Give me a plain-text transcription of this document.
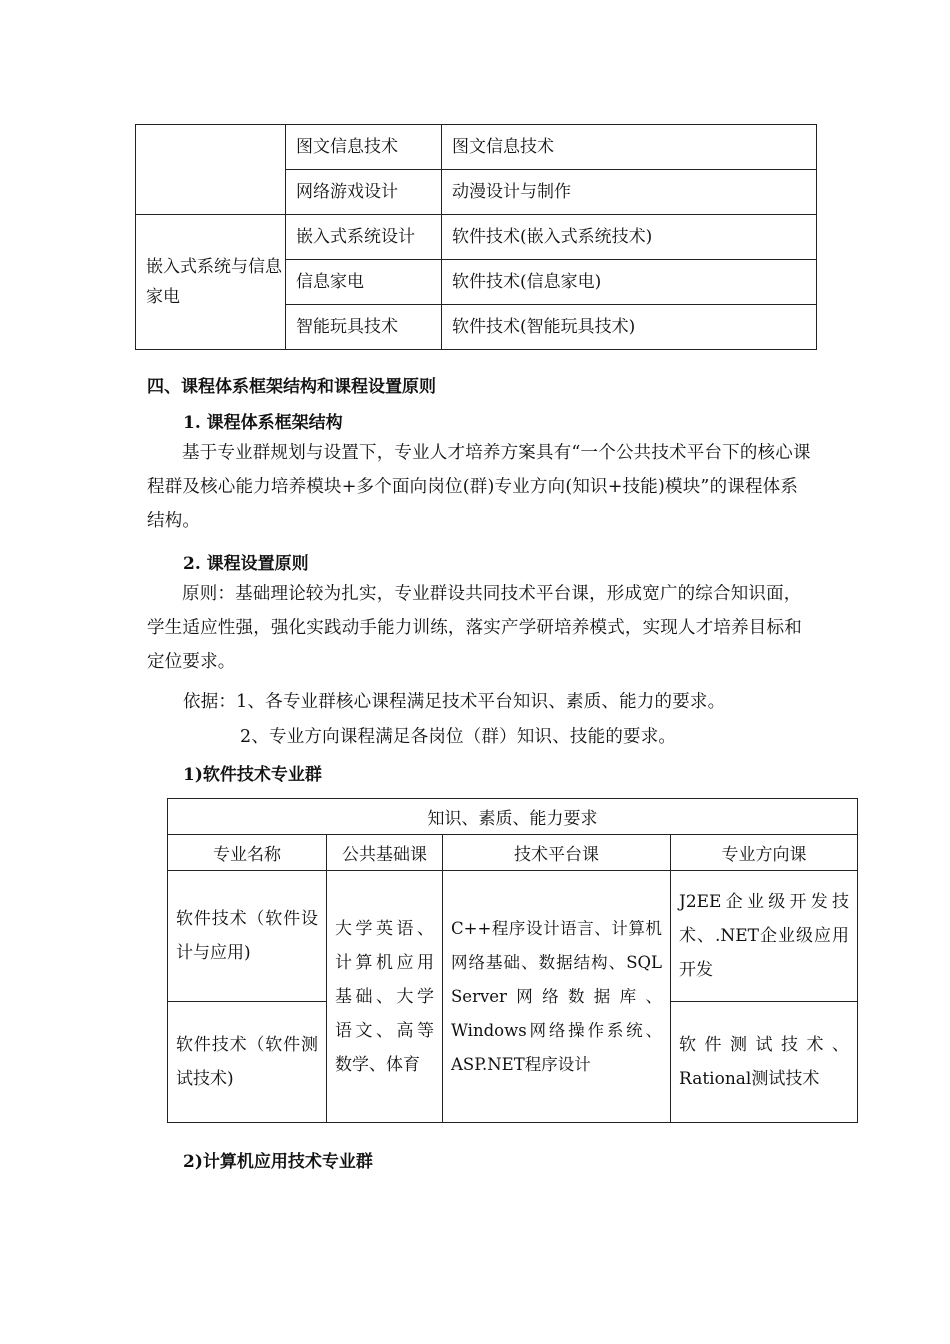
	图文信息技术	图文信息技术
	网络游戏设计	动漫设计与制作
嵌入式系统与信息家电	嵌入式系统设计	软件技术(嵌入式系统技术)
	信息家电	软件技术(信息家电)
	智能玩具技术	软件技术(智能玩具技术)
四、课程体系框架结构和课程设置原则
1. 课程体系框架结构
基于专业群规划与设置下，专业人才培养方案具有“一个公共技术平台下的核心课程群及核心能力培养模块+多个面向岗位(群)专业方向(知识+技能)模块”的课程体系结构。
2. 课程设置原则
原则：基础理论较为扎实，专业群设共同技术平台课，形成宽广的综合知识面，学生适应性强，强化实践动手能力训练，落实产学研培养模式，实现人才培养目标和定位要求。
依据：1、各专业群核心课程满足技术平台知识、素质、能力的要求。
2、专业方向课程满足各岗位（群）知识、技能的要求。
1)软件技术专业群
知识、素质、能力要求			
专业名称	公共基础课	技术平台课	专业方向课

软件技术（软件设计与应用)	大学英语、计算机应用基础、大学语文、高等数学、体育	C++程序设计语言、计算机网络基础、数据结构、SQL Server网络数据库、Windows网络操作系统、ASP.NET程序设计	J2EE企业级开发技术、.NET企业级应用开发

软件技术（软件测试技术)			软件测试技术、Rational测试技术
2)计算机应用技术专业群
